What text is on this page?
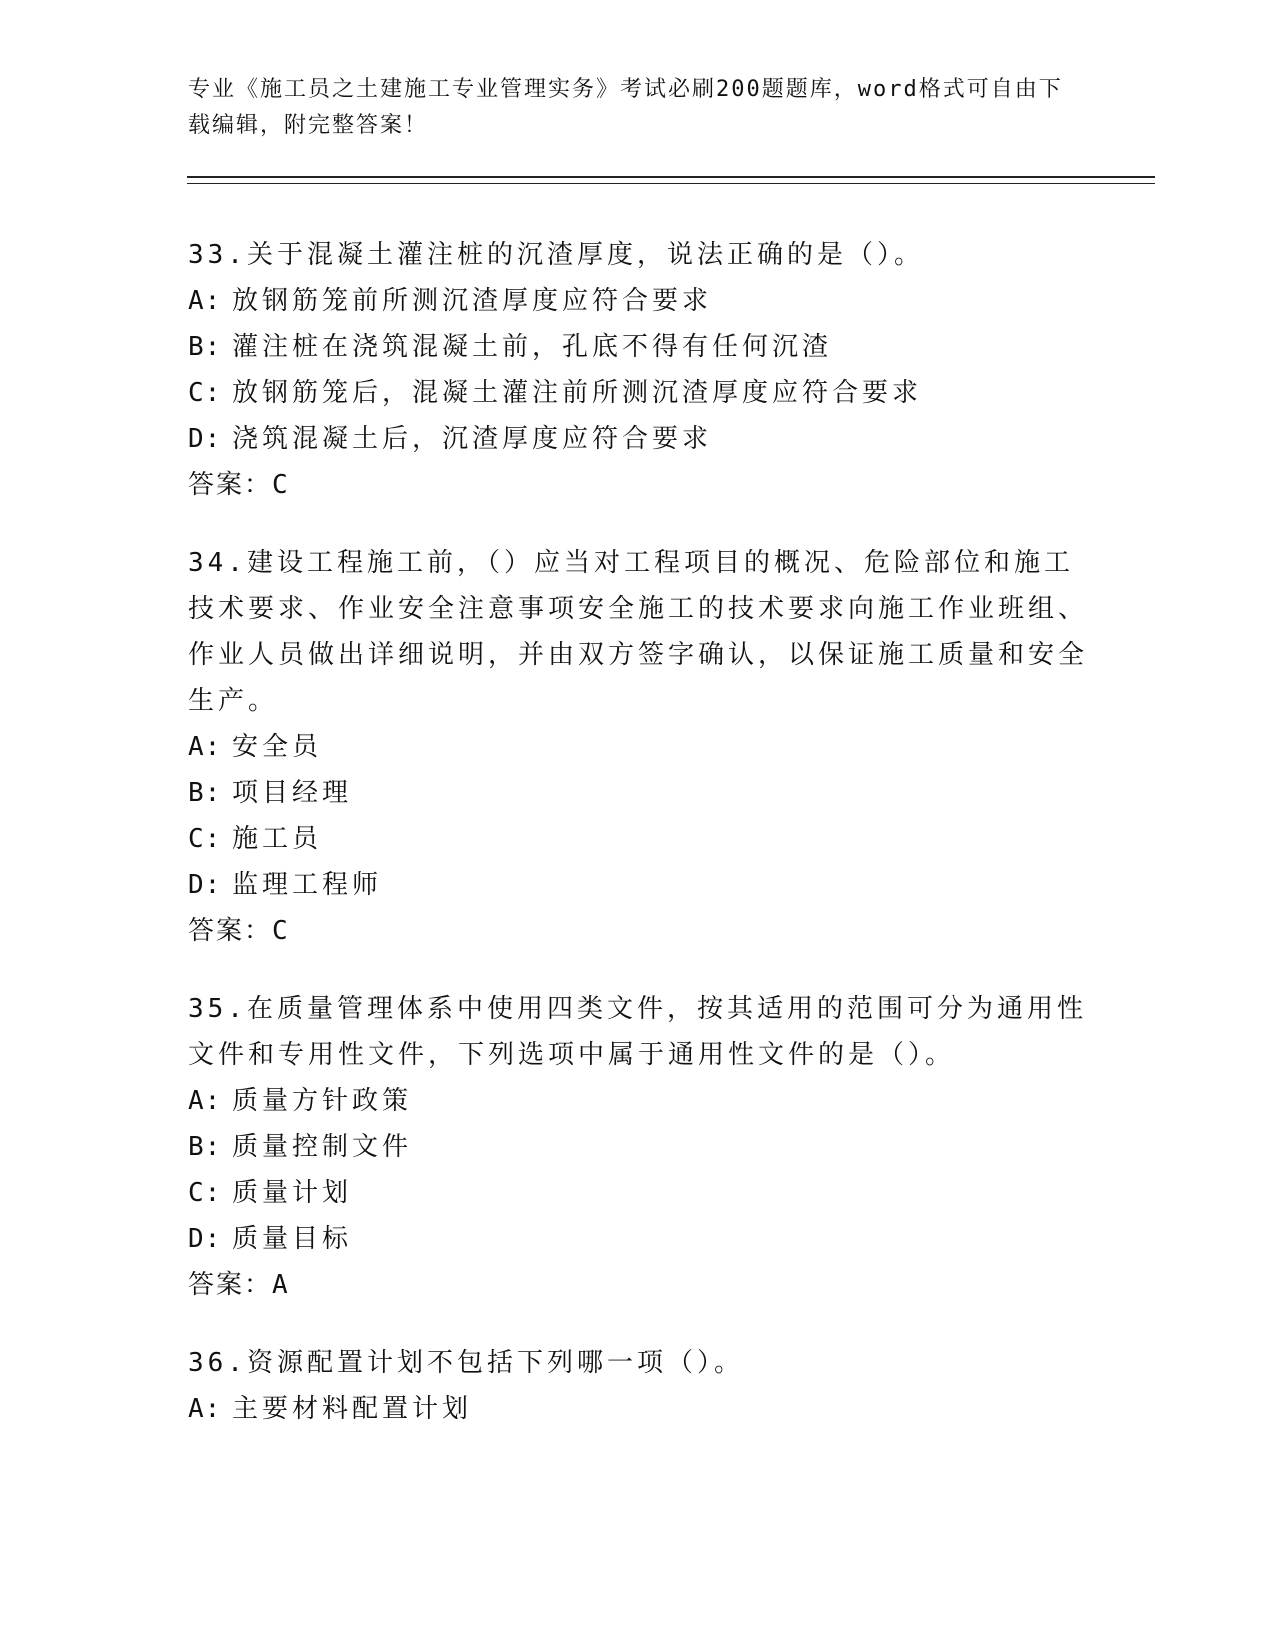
专业《施工员之土建施工专业管理实务》考试必刷200题题库，word格式可自由下载编辑，附完整答案！

33.关于混凝土灌注桩的沉渣厚度，说法正确的是（）。

A: 放钢筋笼前所测沉渣厚度应符合要求

B: 灌注桩在浇筑混凝土前，孔底不得有任何沉渣

C: 放钢筋笼后，混凝土灌注前所测沉渣厚度应符合要求

D: 浇筑混凝土后，沉渣厚度应符合要求

答案：C

34.建设工程施工前，（）应当对工程项目的概况、危险部位和施工技术要求、作业安全注意事项安全施工的技术要求向施工作业班组、作业人员做出详细说明，并由双方签字确认，以保证施工质量和安全生产。

A: 安全员

B: 项目经理

C: 施工员

D: 监理工程师

答案：C

35.在质量管理体系中使用四类文件，按其适用的范围可分为通用性文件和专用性文件，下列选项中属于通用性文件的是（）。

A: 质量方针政策

B: 质量控制文件

C: 质量计划

D: 质量目标

答案：A

36.资源配置计划不包括下列哪一项（）。

A: 主要材料配置计划
